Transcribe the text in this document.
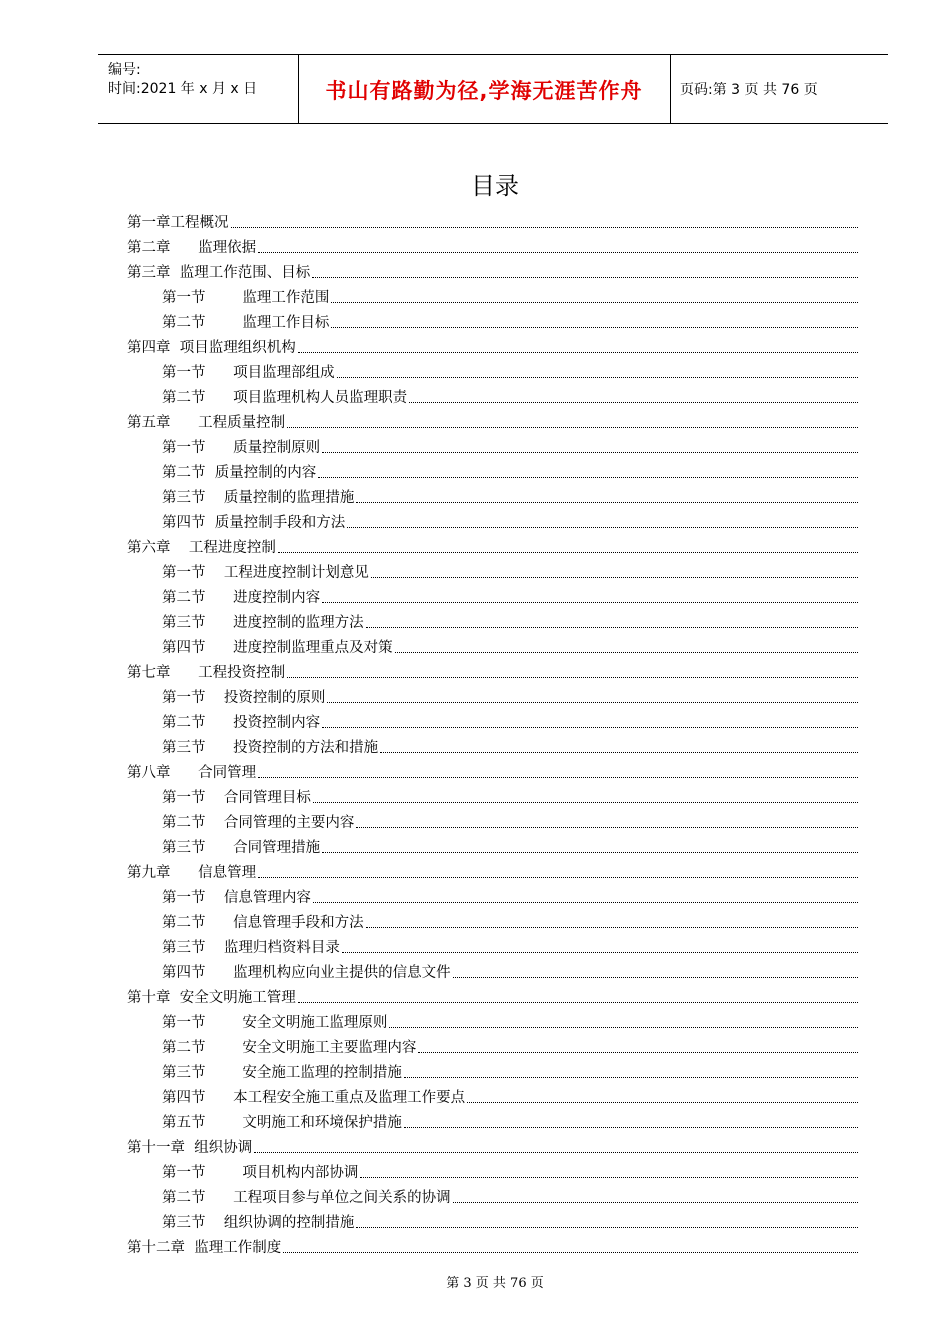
编号:
时间:2021 年 x 月 x 日	书山有路勤为径,学海无涯苦作舟	页码:第 3 页 共 76 页
目录
第一章工程概况
第二章      监理依据
第三章  监理工作范围、目标
第一节        监理工作范围
第二节        监理工作目标
第四章  项目监理组织机构
第一节      项目监理部组成
第二节      项目监理机构人员监理职责
第五章      工程质量控制
第一节      质量控制原则
第二节  质量控制的内容
第三节    质量控制的监理措施
第四节  质量控制手段和方法
第六章    工程进度控制
第一节    工程进度控制计划意见
第二节      进度控制内容
第三节      进度控制的监理方法
第四节      进度控制监理重点及对策
第七章      工程投资控制
第一节    投资控制的原则
第二节      投资控制内容
第三节      投资控制的方法和措施
第八章      合同管理
第一节    合同管理目标
第二节    合同管理的主要内容
第三节      合同管理措施
第九章      信息管理
第一节    信息管理内容
第二节      信息管理手段和方法
第三节    监理归档资料目录
第四节      监理机构应向业主提供的信息文件
第十章  安全文明施工管理
第一节        安全文明施工监理原则
第二节        安全文明施工主要监理内容
第三节        安全施工监理的控制措施
第四节      本工程安全施工重点及监理工作要点
第五节        文明施工和环境保护措施
第十一章  组织协调
第一节        项目机构内部协调
第二节      工程项目参与单位之间关系的协调
第三节    组织协调的控制措施
第十二章  监理工作制度
第 3 页 共 76 页
